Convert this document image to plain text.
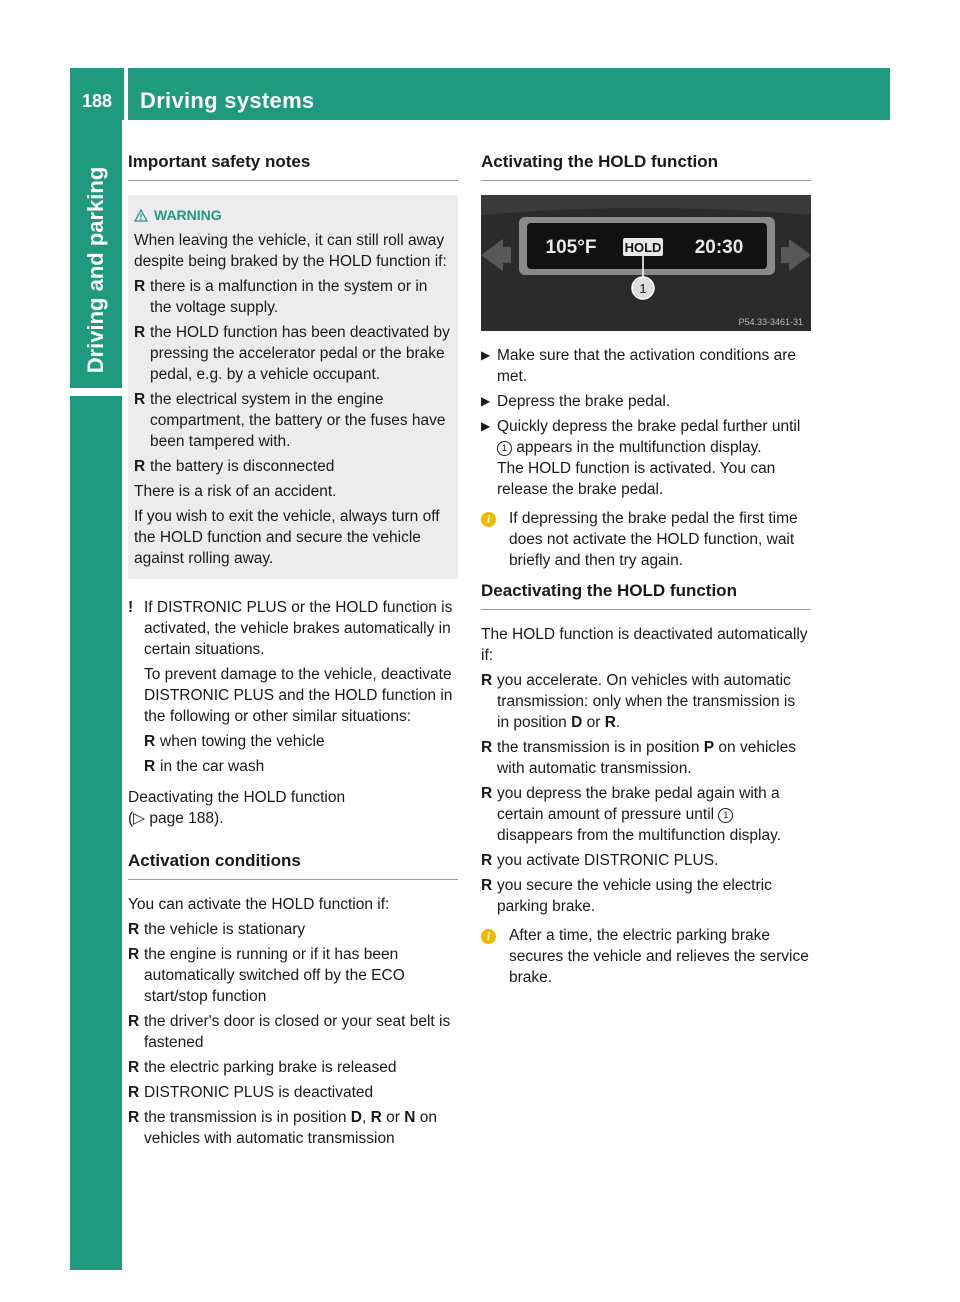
188	Driving systems
Driving and parking
Important safety notes
WARNING

When leaving the vehicle, it can still roll away despite being braked by the HOLD function if:

R there is a malfunction in the system or in the voltage supply.
R the HOLD function has been deactivated by pressing the accelerator pedal or the brake pedal, e.g. by a vehicle occupant.
R the electrical system in the engine compartment, the battery or the fuses have been tampered with.
R the battery is disconnected

There is a risk of an accident.

If you wish to exit the vehicle, always turn off the HOLD function and secure the vehicle against rolling away.

! If DISTRONIC PLUS or the HOLD function is activated, the vehicle brakes automatically in certain situations.

To prevent damage to the vehicle, deactivate DISTRONIC PLUS and the HOLD function in the following or other similar situations:

R when towing the vehicle
R in the car wash

Deactivating the HOLD function

(▷ page 188).

Activation conditions

You can activate the HOLD function if:

R the vehicle is stationary
R the engine is running or if it has been automatically switched off by the ECO start/stop function
R the driver's door is closed or your seat belt is fastened
R the electric parking brake is released
R DISTRONIC PLUS is deactivated
R the transmission is in position D, R or N on vehicles with automatic transmission
Activating the HOLD function
105°F HOLD 20:30
1
P54.33-3461-31
▶ Make sure that the activation conditions are met.
▶ Depress the brake pedal.
▶ Quickly depress the brake pedal further until 1 appears in the multifunction display.
The HOLD function is activated. You can release the brake pedal.
i	If depressing the brake pedal the first time does not activate the HOLD function, wait briefly and then try again.
Deactivating the HOLD function

The HOLD function is deactivated automatically if:

R you accelerate. On vehicles with automatic transmission: only when the transmission is in position D or R.
R the transmission is in position P on vehicles with automatic transmission.
R you depress the brake pedal again with a certain amount of pressure until 1 disappears from the multifunction display.
R you activate DISTRONIC PLUS.
R you secure the vehicle using the electric parking brake.
i	After a time, the electric parking brake secures the vehicle and relieves the service brake.
